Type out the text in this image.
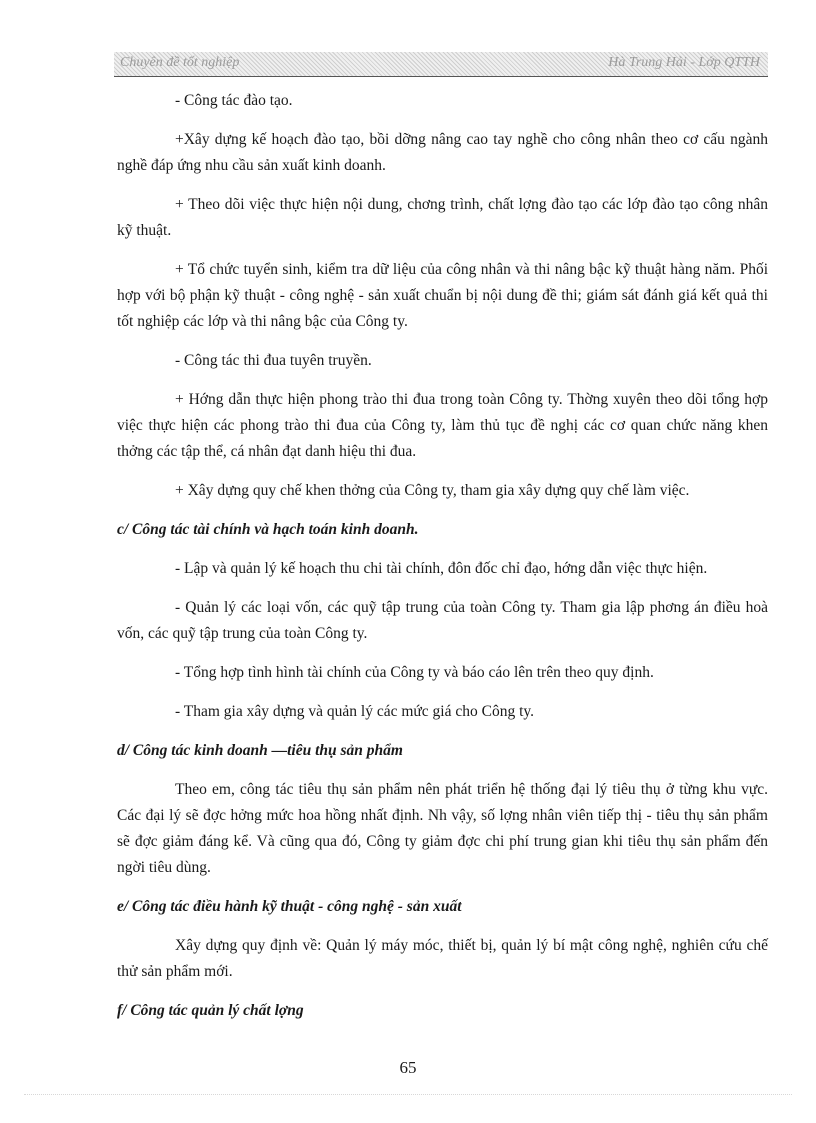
Chuyên đề tốt nghiệp	Hà Trung Hải - Lớp QTTH

- Công tác đào tạo.

+Xây dựng kế hoạch đào tạo, bồi dỡng nâng cao tay nghề cho công nhân theo cơ cấu ngành nghề đáp ứng nhu cầu sản xuất kinh doanh.

+ Theo dõi việc thực hiện nội dung, chơng trình, chất lợng đào tạo các lớp đào tạo công nhân kỹ thuật.

+ Tổ chức tuyển sinh, kiểm tra dữ liệu của công nhân và thi nâng bậc kỹ thuật hàng năm. Phối hợp với bộ phận kỹ thuật - công nghệ - sản xuất chuẩn bị nội dung đề thi; giám sát đánh giá kết quả thi tốt nghiệp các lớp và thi nâng bậc của Công ty.

- Công tác thi đua tuyên truyền.

+ Hớng dẫn thực hiện phong trào thi đua trong toàn Công ty. Thờng xuyên theo dõi tổng hợp việc thực hiện các phong trào thi đua của Công ty, làm thủ tục đề nghị các cơ quan chức năng khen thởng các tập thể, cá nhân đạt danh hiệu thi đua.

+ Xây dựng quy chế khen thởng của Công ty, tham gia xây dựng quy chế làm việc.

c/ Công tác tài chính và hạch toán kinh doanh.

- Lập và quản lý kế hoạch thu chi tài chính, đôn đốc chỉ đạo, hớng dẫn việc thực hiện.

- Quản lý các loại vốn, các quỹ tập trung của toàn Công ty. Tham gia lập phơng án điều hoà vốn, các quỹ tập trung của toàn Công ty.

- Tổng hợp tình hình tài chính của Công ty và báo cáo lên trên theo quy định.

- Tham gia xây dựng và quản lý các mức giá cho Công ty.

d/ Công tác kinh doanh —tiêu thụ sản phẩm

Theo em, công tác tiêu thụ sản phẩm nên phát triển hệ thống đại lý tiêu thụ ở từng khu vực. Các đại lý sẽ đợc hởng mức hoa hồng nhất định. Nh vậy, số lợng nhân viên tiếp thị - tiêu thụ sản phẩm sẽ đợc giảm đáng kể. Và cũng qua đó, Công ty giảm đợc chi phí trung gian khi tiêu thụ sản phẩm đến ngời tiêu dùng.

e/ Công tác điều hành kỹ thuật - công nghệ - sản xuất

Xây dựng quy định về: Quản lý máy móc, thiết bị, quản lý bí mật công nghệ, nghiên cứu chế thử sản phẩm mới.

f/ Công tác quản lý chất lợng

65
